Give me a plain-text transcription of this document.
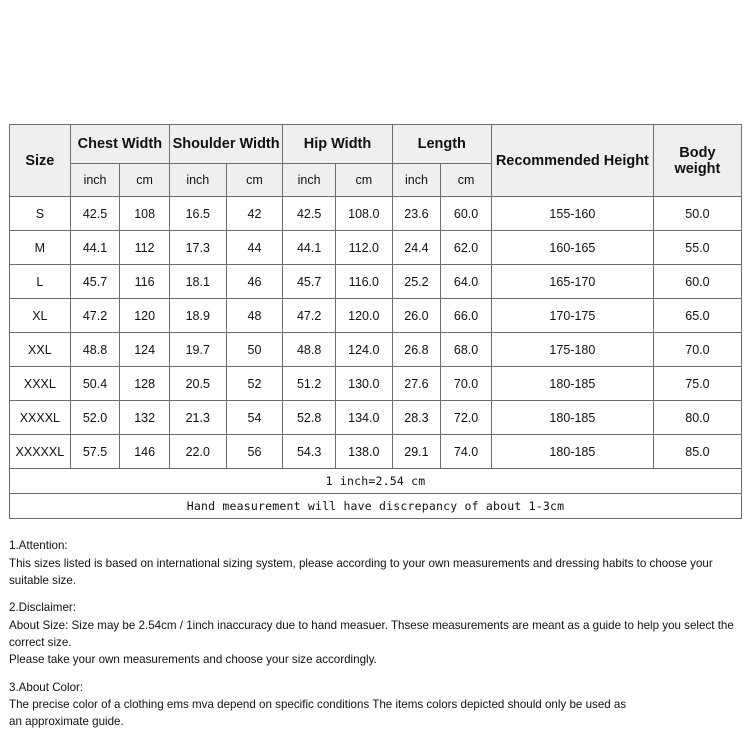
Size	Chest Width		Shoulder Width		Hip Width		Length		Recommended Height	Body weight
	inch	cm	inch	cm	inch	cm	inch	cm		
S	42.5	108	16.5	42	42.5	108.0	23.6	60.0	155-160	50.0
M	44.1	112	17.3	44	44.1	112.0	24.4	62.0	160-165	55.0
L	45.7	116	18.1	46	45.7	116.0	25.2	64.0	165-170	60.0
XL	47.2	120	18.9	48	47.2	120.0	26.0	66.0	170-175	65.0
XXL	48.8	124	19.7	50	48.8	124.0	26.8	68.0	175-180	70.0
XXXL	50.4	128	20.5	52	51.2	130.0	27.6	70.0	180-185	75.0
XXXXL	52.0	132	21.3	54	52.8	134.0	28.3	72.0	180-185	80.0
XXXXXL	57.5	146	22.0	56	54.3	138.0	29.1	74.0	180-185	85.0
1 inch=2.54 cm										
Hand measurement will have discrepancy of about 1-3cm										

1.Attention:

This sizes listed is based on international sizing system, please according to your own measurements and dressing habits to choose your suitable size.

2.Disclaimer:

About Size: Size may be 2.54cm / 1inch inaccuracy due to hand measuer. Thsese measurements are meant as a guide to help you select the correct size.

Please take your own measurements and choose your size accordingly.

3.About Color:

The precise color of a clothing ems mva depend on specific conditions The items colors depicted should only be used as

an approximate guide.
